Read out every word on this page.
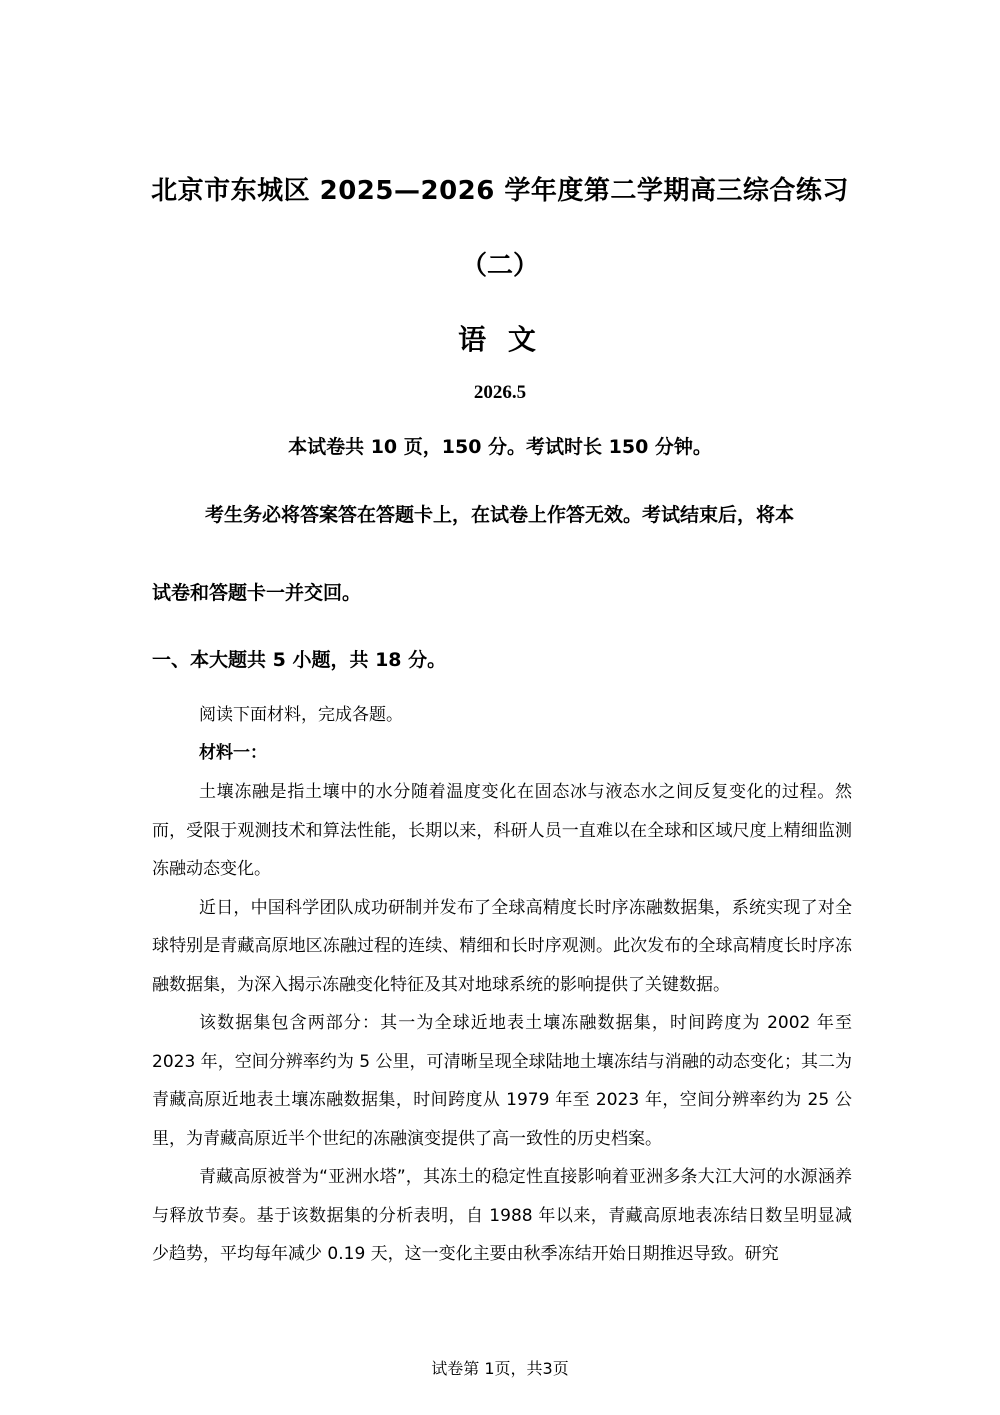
北京市东城区 2025—2026 学年度第二学期高三综合练习
（二）
语 文
2026.5
本试卷共 10 页，150 分。考试时长 150 分钟。
考生务必将答案答在答题卡上，在试卷上作答无效。考试结束后，将本
试卷和答题卡一并交回。
一、本大题共 5 小题，共 18 分。
阅读下面材料，完成各题。
材料一：

土壤冻融是指土壤中的水分随着温度变化在固态冰与液态水之间反复变化的过程。然而，受限于观测技术和算法性能，长期以来，科研人员一直难以在全球和区域尺度上精细监测冻融动态变化。

近日，中国科学团队成功研制并发布了全球高精度长时序冻融数据集，系统实现了对全球特别是青藏高原地区冻融过程的连续、精细和长时序观测。此次发布的全球高精度长时序冻融数据集，为深入揭示冻融变化特征及其对地球系统的影响提供了关键数据。

该数据集包含两部分：其一为全球近地表土壤冻融数据集，时间跨度为 2002 年至 2023 年，空间分辨率约为 5 公里，可清晰呈现全球陆地土壤冻结与消融的动态变化；其二为青藏高原近地表土壤冻融数据集，时间跨度从 1979 年至 2023 年，空间分辨率约为 25 公里，为青藏高原近半个世纪的冻融演变提供了高一致性的历史档案。

青藏高原被誉为“亚洲水塔”，其冻土的稳定性直接影响着亚洲多条大江大河的水源涵养与释放节奏。基于该数据集的分析表明，自 1988 年以来，青藏高原地表冻结日数呈明显减少趋势，平均每年减少 0.19 天，这一变化主要由秋季冻结开始日期推迟导致。研究

试卷第 1页，共3页
